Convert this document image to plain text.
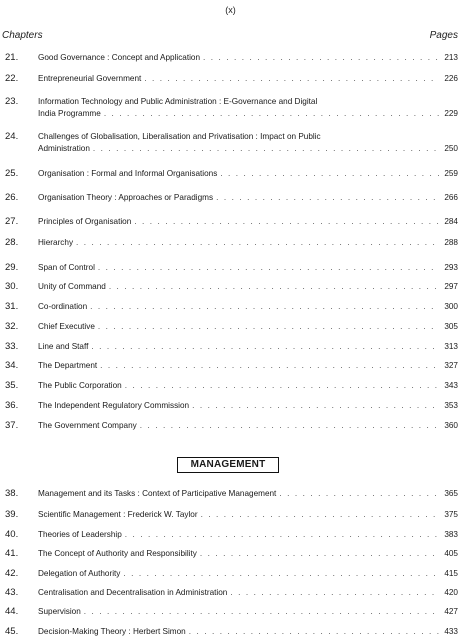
(x)
Chapters	Pages
21.	Good Governance : Concept and Application . . .	213
22.	Entrepreneurial Government . . .	226
23.	Information Technology and Public Administration : E-Governance and Digital
India Programme . . .	229
24.	Challenges of Globalisation, Liberalisation and Privatisation : Impact on Public
Administration . . .	250
25.	Organisation : Formal and Informal Organisations . . .	259
26.	Organisation Theory : Approaches or Paradigms . . .	266
27.	Principles of Organisation . . .	284
28.	Hierarchy . . .	288
29.	Span of Control . . .	293
30.	Unity of Command . . .	297
31.	Co-ordination . . .	300
32.	Chief Executive . . .	305
33.	Line and Staff . . .	313
34.	The Department . . .	327
35.	The Public Corporation . . .	343
36.	The Independent Regulatory Commission . . .	353
37.	The Government Company . . .	360
MANAGEMENT
38.	Management and its Tasks : Context of Participative Management . . .	365
39.	Scientific Management : Frederick W. Taylor . . .	375
40.	Theories of Leadership . . .	383
41.	The Concept of Authority and Responsibility . . .	405
42.	Delegation of Authority . . .	415
43.	Centralisation and Decentralisation in Administration . . .	420
44.	Supervision . . .	427
45.	Decision-Making Theory : Herbert Simon . . .	433
